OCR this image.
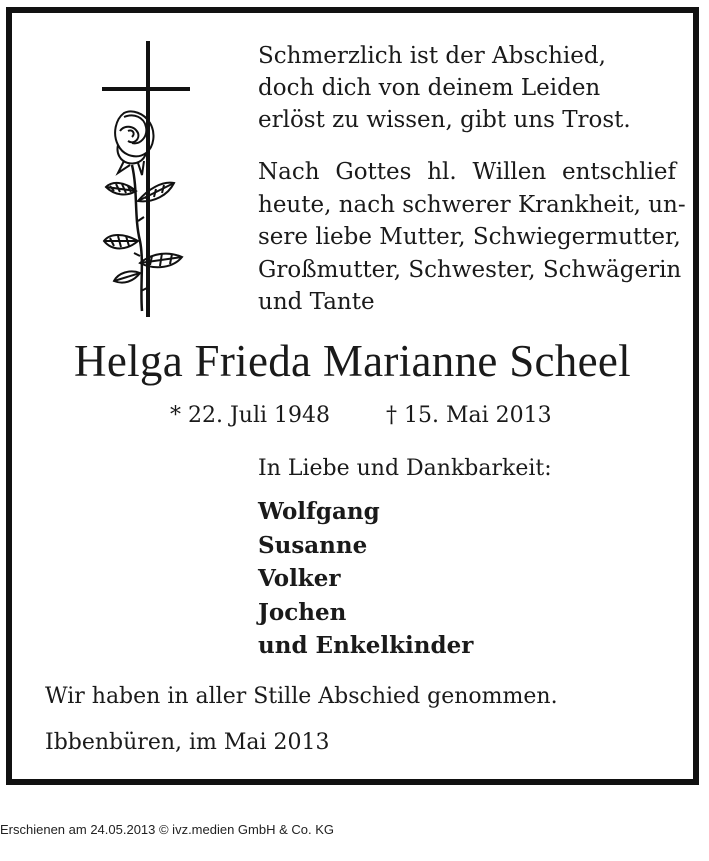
Schmerzlich ist der Abschied,
doch dich von deinem Leiden
erlöst zu wissen, gibt uns Trost.

Nach Gottes hl. Willen entschlief
heute, nach schwerer Krankheit, un-
sere liebe Mutter, Schwiegermutter,
Großmutter, Schwester, Schwägerin
und Tante

Helga Frieda Marianne Scheel
* 22. Juli 1948	† 15. Mai 2013
In Liebe und Dankbarkeit:
Wolfgang
Susanne
Volker
Jochen
und Enkelkinder
Wir haben in aller Stille Abschied genommen.
Ibbenbüren, im Mai 2013
Erschienen am 24.05.2013 © ivz.medien GmbH & Co. KG
